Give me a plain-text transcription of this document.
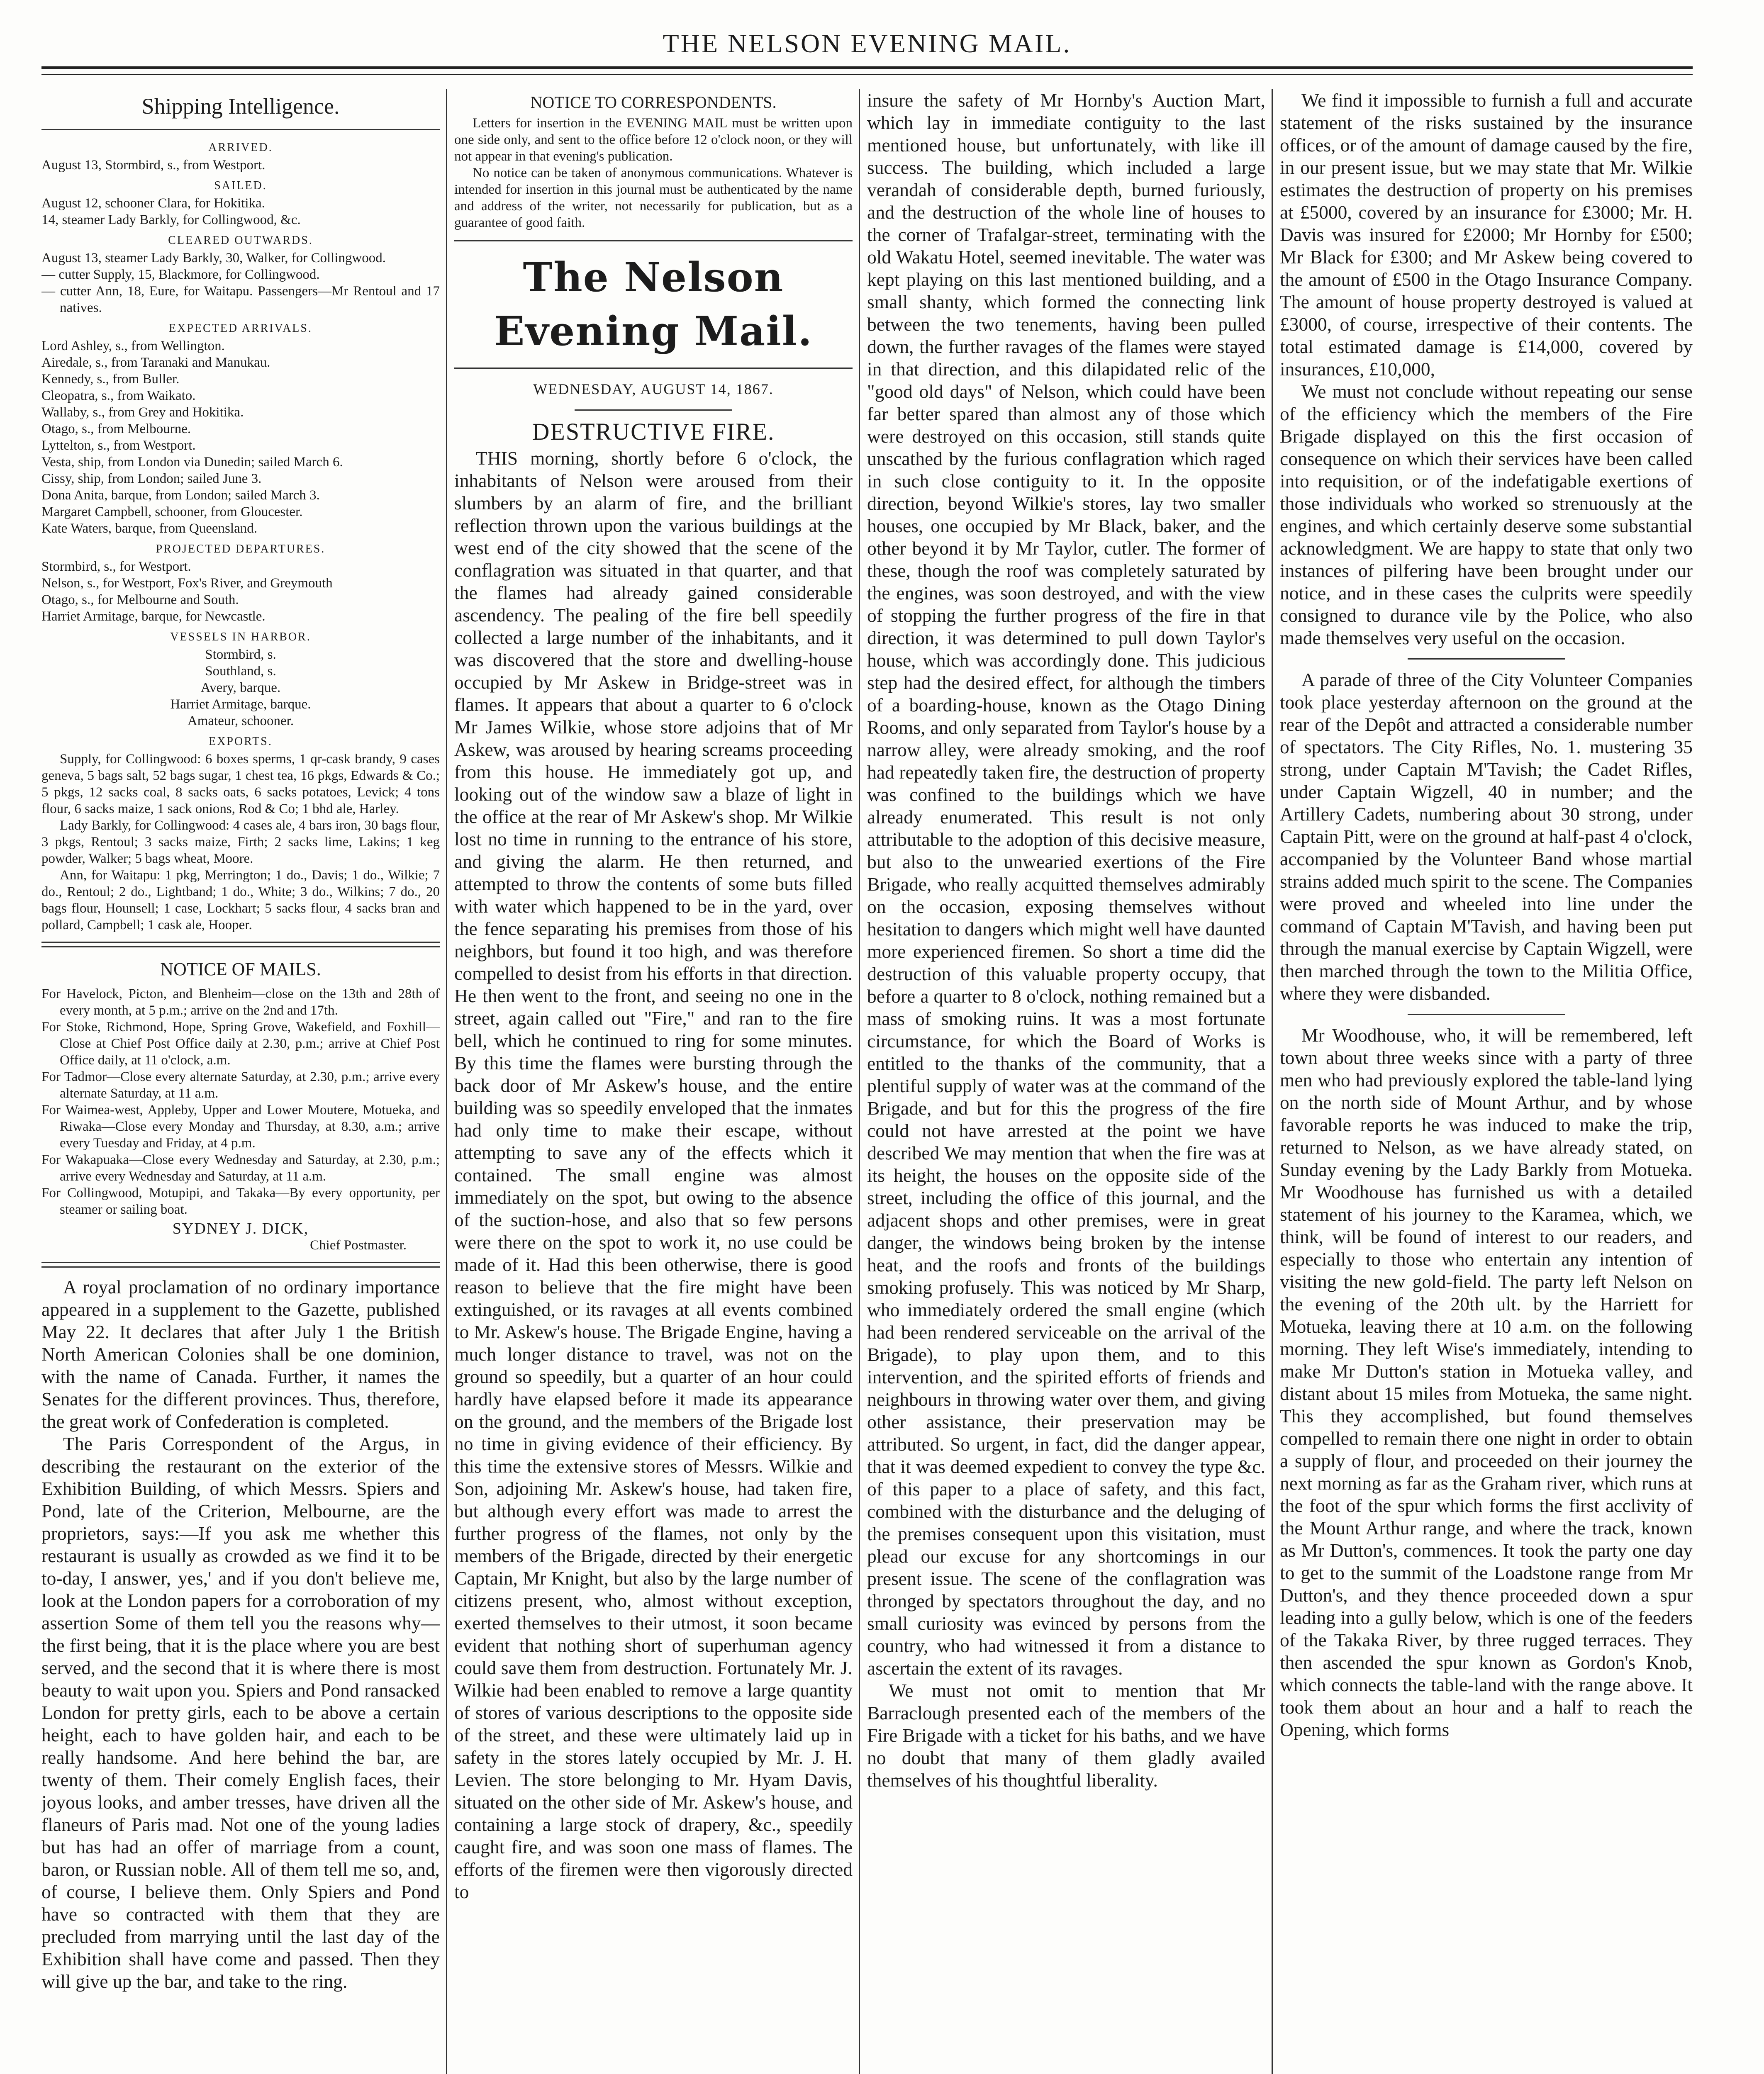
THE NELSON EVENING MAIL.
Shipping Intelligence.
ARRIVED.

August 13, Stormbird, s., from Westport.

SAILED.

August 12, schooner Clara, for Hokitika.

14, steamer Lady Barkly, for Collingwood, &c.

CLEARED OUTWARDS.

August 13, steamer Lady Barkly, 30, Walker, for Collingwood.

— cutter Supply, 15, Blackmore, for Collingwood.

— cutter Ann, 18, Eure, for Waitapu. Passengers—Mr Rentoul and 17 natives.

EXPECTED ARRIVALS.

Lord Ashley, s., from Wellington.

Airedale, s., from Taranaki and Manukau.

Kennedy, s., from Buller.

Cleopatra, s., from Waikato.

Wallaby, s., from Grey and Hokitika.

Otago, s., from Melbourne.

Lyttelton, s., from Westport.

Vesta, ship, from London via Dunedin; sailed March 6.

Cissy, ship, from London; sailed June 3.

Dona Anita, barque, from London; sailed March 3.

Margaret Campbell, schooner, from Gloucester.

Kate Waters, barque, from Queensland.

PROJECTED DEPARTURES.

Stormbird, s., for Westport.

Nelson, s., for Westport, Fox's River, and Greymouth

Otago, s., for Melbourne and South.

Harriet Armitage, barque, for Newcastle.

VESSELS IN HARBOR.

Stormbird, s.

Southland, s.

Avery, barque.

Harriet Armitage, barque.

Amateur, schooner.

EXPORTS.

Supply, for Collingwood: 6 boxes sperms, 1 qr-cask brandy, 9 cases geneva, 5 bags salt, 52 bags sugar, 1 chest tea, 16 pkgs, Edwards & Co.; 5 pkgs, 12 sacks coal, 8 sacks oats, 6 sacks potatoes, Levick; 4 tons flour, 6 sacks maize, 1 sack onions, Rod & Co; 1 bhd ale, Harley.

Lady Barkly, for Collingwood: 4 cases ale, 4 bars iron, 30 bags flour, 3 pkgs, Rentoul; 3 sacks maize, Firth; 2 sacks lime, Lakins; 1 keg powder, Walker; 5 bags wheat, Moore.

Ann, for Waitapu: 1 pkg, Merrington; 1 do., Davis; 1 do., Wilkie; 7 do., Rentoul; 2 do., Lightband; 1 do., White; 3 do., Wilkins; 7 do., 20 bags flour, Hounsell; 1 case, Lockhart; 5 sacks flour, 4 sacks bran and pollard, Campbell; 1 cask ale, Hooper.

NOTICE OF MAILS.

For Havelock, Picton, and Blenheim—close on the 13th and 28th of every month, at 5 p.m.; arrive on the 2nd and 17th.

For Stoke, Richmond, Hope, Spring Grove, Wakefield, and Foxhill—Close at Chief Post Office daily at 2.30, p.m.; arrive at Chief Post Office daily, at 11 o'clock, a.m.

For Tadmor—Close every alternate Saturday, at 2.30, p.m.; arrive every alternate Saturday, at 11 a.m.

For Waimea-west, Appleby, Upper and Lower Moutere, Motueka, and Riwaka—Close every Monday and Thursday, at 8.30, a.m.; arrive every Tuesday and Friday, at 4 p.m.

For Wakapuaka—Close every Wednesday and Saturday, at 2.30, p.m.; arrive every Wednesday and Saturday, at 11 a.m.

For Collingwood, Motupipi, and Takaka—By every opportunity, per steamer or sailing boat.

SYDNEY J. DICK,
Chief Postmaster.

A royal proclamation of no ordinary importance appeared in a supplement to the Gazette, published May 22. It declares that after July 1 the British North American Colonies shall be one dominion, with the name of Canada. Further, it names the Senates for the different provinces. Thus, therefore, the great work of Confederation is completed.

The Paris Correspondent of the Argus, in describing the restaurant on the exterior of the Exhibition Building, of which Messrs. Spiers and Pond, late of the Criterion, Melbourne, are the proprietors, says:—If you ask me whether this restaurant is usually as crowded as we find it to be to-day, I answer, yes,' and if you don't believe me, look at the London papers for a corroboration of my assertion Some of them tell you the reasons why—the first being, that it is the place where you are best served, and the second that it is where there is most beauty to wait upon you. Spiers and Pond ransacked London for pretty girls, each to be above a certain height, each to have golden hair, and each to be really handsome. And here behind the bar, are twenty of them. Their comely English faces, their joyous looks, and amber tresses, have driven all the flaneurs of Paris mad. Not one of the young ladies but has had an offer of marriage from a count, baron, or Russian noble. All of them tell me so, and, of course, I believe them. Only Spiers and Pond have so contracted with them that they are precluded from marrying until the last day of the Exhibition shall have come and passed. Then they will give up the bar, and take to the ring.

NOTICE TO CORRESPONDENTS.

Letters for insertion in the EVENING MAIL must be written upon one side only, and sent to the office before 12 o'clock noon, or they will not appear in that evening's publication.

No notice can be taken of anonymous communications. Whatever is intended for insertion in this journal must be authenticated by the name and address of the writer, not necessarily for publication, but as a guarantee of good faith.

The Nelson Evening Mail.
WEDNESDAY, AUGUST 14, 1867.
DESTRUCTIVE FIRE.

THIS morning, shortly before 6 o'clock, the inhabitants of Nelson were aroused from their slumbers by an alarm of fire, and the brilliant reflection thrown upon the various buildings at the west end of the city showed that the scene of the conflagration was situated in that quarter, and that the flames had already gained considerable ascendency. The pealing of the fire bell speedily collected a large number of the inhabitants, and it was discovered that the store and dwelling-house occupied by Mr Askew in Bridge-street was in flames. It appears that about a quarter to 6 o'clock Mr James Wilkie, whose store adjoins that of Mr Askew, was aroused by hearing screams proceeding from this house. He immediately got up, and looking out of the window saw a blaze of light in the office at the rear of Mr Askew's shop. Mr Wilkie lost no time in running to the entrance of his store, and giving the alarm. He then returned, and attempted to throw the contents of some buts filled with water which happened to be in the yard, over the fence separating his premises from those of his neighbors, but found it too high, and was therefore compelled to desist from his efforts in that direction. He then went to the front, and seeing no one in the street, again called out "Fire," and ran to the fire bell, which he continued to ring for some minutes. By this time the flames were bursting through the back door of Mr Askew's house, and the entire building was so speedily enveloped that the inmates had only time to make their escape, without attempting to save any of the effects which it contained. The small engine was almost immediately on the spot, but owing to the absence of the suction-hose, and also that so few persons were there on the spot to work it, no use could be made of it. Had this been otherwise, there is good reason to believe that the fire might have been extinguished, or its ravages at all events combined to Mr. Askew's house. The Brigade Engine, having a much longer distance to travel, was not on the ground so speedily, but a quarter of an hour could hardly have elapsed before it made its appearance on the ground, and the members of the Brigade lost no time in giving evidence of their efficiency. By this time the extensive stores of Messrs. Wilkie and Son, adjoining Mr. Askew's house, had taken fire, but although every effort was made to arrest the further progress of the flames, not only by the members of the Brigade, directed by their energetic Captain, Mr Knight, but also by the large number of citizens present, who, almost without exception, exerted themselves to their utmost, it soon became evident that nothing short of superhuman agency could save them from destruction. Fortunately Mr. J. Wilkie had been enabled to remove a large quantity of stores of various descriptions to the opposite side of the street, and these were ultimately laid up in safety in the stores lately occupied by Mr. J. H. Levien. The store belonging to Mr. Hyam Davis, situated on the other side of Mr. Askew's house, and containing a large stock of drapery, &c., speedily caught fire, and was soon one mass of flames. The efforts of the firemen were then vigorously directed to

insure the safety of Mr Hornby's Auction Mart, which lay in immediate contiguity to the last mentioned house, but unfortunately, with like ill success. The building, which included a large verandah of considerable depth, burned furiously, and the destruction of the whole line of houses to the corner of Trafalgar-street, terminating with the old Wakatu Hotel, seemed inevitable. The water was kept playing on this last mentioned building, and a small shanty, which formed the connecting link between the two tenements, having been pulled down, the further ravages of the flames were stayed in that direction, and this dilapidated relic of the "good old days" of Nelson, which could have been far better spared than almost any of those which were destroyed on this occasion, still stands quite unscathed by the furious conflagration which raged in such close contiguity to it. In the opposite direction, beyond Wilkie's stores, lay two smaller houses, one occupied by Mr Black, baker, and the other beyond it by Mr Taylor, cutler. The former of these, though the roof was completely saturated by the engines, was soon destroyed, and with the view of stopping the further progress of the fire in that direction, it was determined to pull down Taylor's house, which was accordingly done. This judicious step had the desired effect, for although the timbers of a boarding-house, known as the Otago Dining Rooms, and only separated from Taylor's house by a narrow alley, were already smoking, and the roof had repeatedly taken fire, the destruction of property was confined to the buildings which we have already enumerated. This result is not only attributable to the adoption of this decisive measure, but also to the unwearied exertions of the Fire Brigade, who really acquitted themselves admirably on the occasion, exposing themselves without hesitation to dangers which might well have daunted more experienced firemen. So short a time did the destruction of this valuable property occupy, that before a quarter to 8 o'clock, nothing remained but a mass of smoking ruins. It was a most fortunate circumstance, for which the Board of Works is entitled to the thanks of the community, that a plentiful supply of water was at the command of the Brigade, and but for this the progress of the fire could not have arrested at the point we have described We may mention that when the fire was at its height, the houses on the opposite side of the street, including the office of this journal, and the adjacent shops and other premises, were in great danger, the windows being broken by the intense heat, and the roofs and fronts of the buildings smoking profusely. This was noticed by Mr Sharp, who immediately ordered the small engine (which had been rendered serviceable on the arrival of the Brigade), to play upon them, and to this intervention, and the spirited efforts of friends and neighbours in throwing water over them, and giving other assistance, their preservation may be attributed. So urgent, in fact, did the danger appear, that it was deemed expedient to convey the type &c. of this paper to a place of safety, and this fact, combined with the disturbance and the deluging of the premises consequent upon this visitation, must plead our excuse for any shortcomings in our present issue. The scene of the conflagration was thronged by spectators throughout the day, and no small curiosity was evinced by persons from the country, who had witnessed it from a distance to ascertain the extent of its ravages.

We must not omit to mention that Mr Barraclough presented each of the members of the Fire Brigade with a ticket for his baths, and we have no doubt that many of them gladly availed themselves of his thoughtful liberality.

We find it impossible to furnish a full and accurate statement of the risks sustained by the insurance offices, or of the amount of damage caused by the fire, in our present issue, but we may state that Mr. Wilkie estimates the destruction of property on his premises at £5000, covered by an insurance for £3000; Mr. H. Davis was insured for £2000; Mr Hornby for £500; Mr Black for £300; and Mr Askew being covered to the amount of £500 in the Otago Insurance Company. The amount of house property destroyed is valued at £3000, of course, irrespective of their contents. The total estimated damage is £14,000, covered by insurances, £10,000,

We must not conclude without repeating our sense of the efficiency which the members of the Fire Brigade displayed on this the first occasion of consequence on which their services have been called into requisition, or of the indefatigable exertions of those individuals who worked so strenuously at the engines, and which certainly deserve some substantial acknowledgment. We are happy to state that only two instances of pilfering have been brought under our notice, and in these cases the culprits were speedily consigned to durance vile by the Police, who also made themselves very useful on the occasion.

A parade of three of the City Volunteer Companies took place yesterday afternoon on the ground at the rear of the Depôt and attracted a considerable number of spectators. The City Rifles, No. 1. mustering 35 strong, under Captain M'Tavish; the Cadet Rifles, under Captain Wigzell, 40 in number; and the Artillery Cadets, numbering about 30 strong, under Captain Pitt, were on the ground at half-past 4 o'clock, accompanied by the Volunteer Band whose martial strains added much spirit to the scene. The Companies were proved and wheeled into line under the command of Captain M'Tavish, and having been put through the manual exercise by Captain Wigzell, were then marched through the town to the Militia Office, where they were disbanded.

Mr Woodhouse, who, it will be remembered, left town about three weeks since with a party of three men who had previously explored the table-land lying on the north side of Mount Arthur, and by whose favorable reports he was induced to make the trip, returned to Nelson, as we have already stated, on Sunday evening by the Lady Barkly from Motueka. Mr Woodhouse has furnished us with a detailed statement of his journey to the Karamea, which, we think, will be found of interest to our readers, and especially to those who entertain any intention of visiting the new gold-field. The party left Nelson on the evening of the 20th ult. by the Harriett for Motueka, leaving there at 10 a.m. on the following morning. They left Wise's immediately, intending to make Mr Dutton's station in Motueka valley, and distant about 15 miles from Motueka, the same night. This they accomplished, but found themselves compelled to remain there one night in order to obtain a supply of flour, and proceeded on their journey the next morning as far as the Graham river, which runs at the foot of the spur which forms the first acclivity of the Mount Arthur range, and where the track, known as Mr Dutton's, commences. It took the party one day to get to the summit of the Loadstone range from Mr Dutton's, and they thence proceeded down a spur leading into a gully below, which is one of the feeders of the Takaka River, by three rugged terraces. They then ascended the spur known as Gordon's Knob, which connects the table-land with the range above. It took them about an hour and a half to reach the Opening, which forms
